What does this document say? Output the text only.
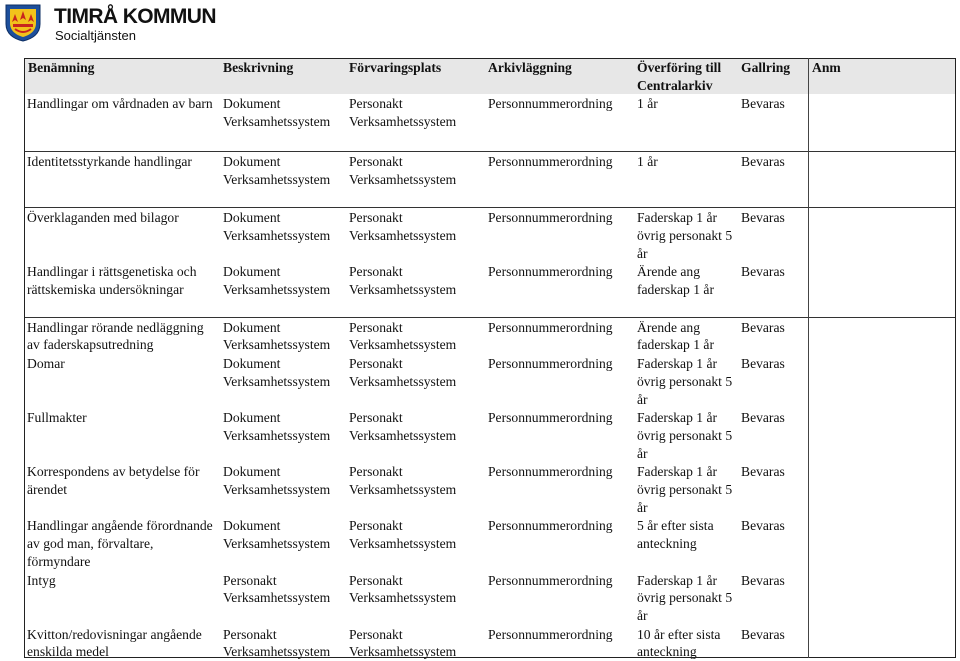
TIMRÅ KOMMUN
Socialtjänsten
Benämning	Beskrivning	Förvaringsplats	Arkivläggning	Överföring till Centralarkiv	Gallring	Anm
Handlingar om vårdnaden av barn	Dokument Verksamhetssystem	Personakt Verksamhetssystem	Personnummerordning	1 år	Bevaras	

Identitetsstyrkande handlingar	Dokument Verksamhetssystem	Personakt Verksamhetssystem	Personnummerordning	1 år	Bevaras	

Överklaganden med bilagor	Dokument Verksamhetssystem	Personakt Verksamhetssystem	Personnummerordning	Faderskap 1 år övrig personakt 5 år	Bevaras	
Handlingar i rättsgenetiska och rättskemiska undersökningar	Dokument Verksamhetssystem	Personakt Verksamhetssystem	Personnummerordning	Ärende ang faderskap 1 år	Bevaras	

Handlingar rörande nedläggning av faderskapsutredning	Dokument Verksamhetssystem	Personakt Verksamhetssystem	Personnummerordning	Ärende ang faderskap 1 år	Bevaras	
Domar	Dokument Verksamhetssystem	Personakt Verksamhetssystem	Personnummerordning	Faderskap 1 år övrig personakt 5 år	Bevaras	
Fullmakter	Dokument Verksamhetssystem	Personakt Verksamhetssystem	Personnummerordning	Faderskap 1 år övrig personakt 5 år	Bevaras	
Korrespondens av betydelse för ärendet	Dokument Verksamhetssystem	Personakt Verksamhetssystem	Personnummerordning	Faderskap 1 år övrig personakt 5 år	Bevaras	
Handlingar angående förordnande av god man, förvaltare, förmyndare	Dokument Verksamhetssystem	Personakt Verksamhetssystem	Personnummerordning	5 år efter sista anteckning	Bevaras	
Intyg	Personakt Verksamhetssystem	Personakt Verksamhetssystem	Personnummerordning	Faderskap 1 år övrig personakt 5 år	Bevaras	
Kvitton/redovisningar angående enskilda medel	Personakt Verksamhetssystem	Personakt Verksamhetssystem	Personnummerordning	10 år efter sista anteckning	Bevaras	
